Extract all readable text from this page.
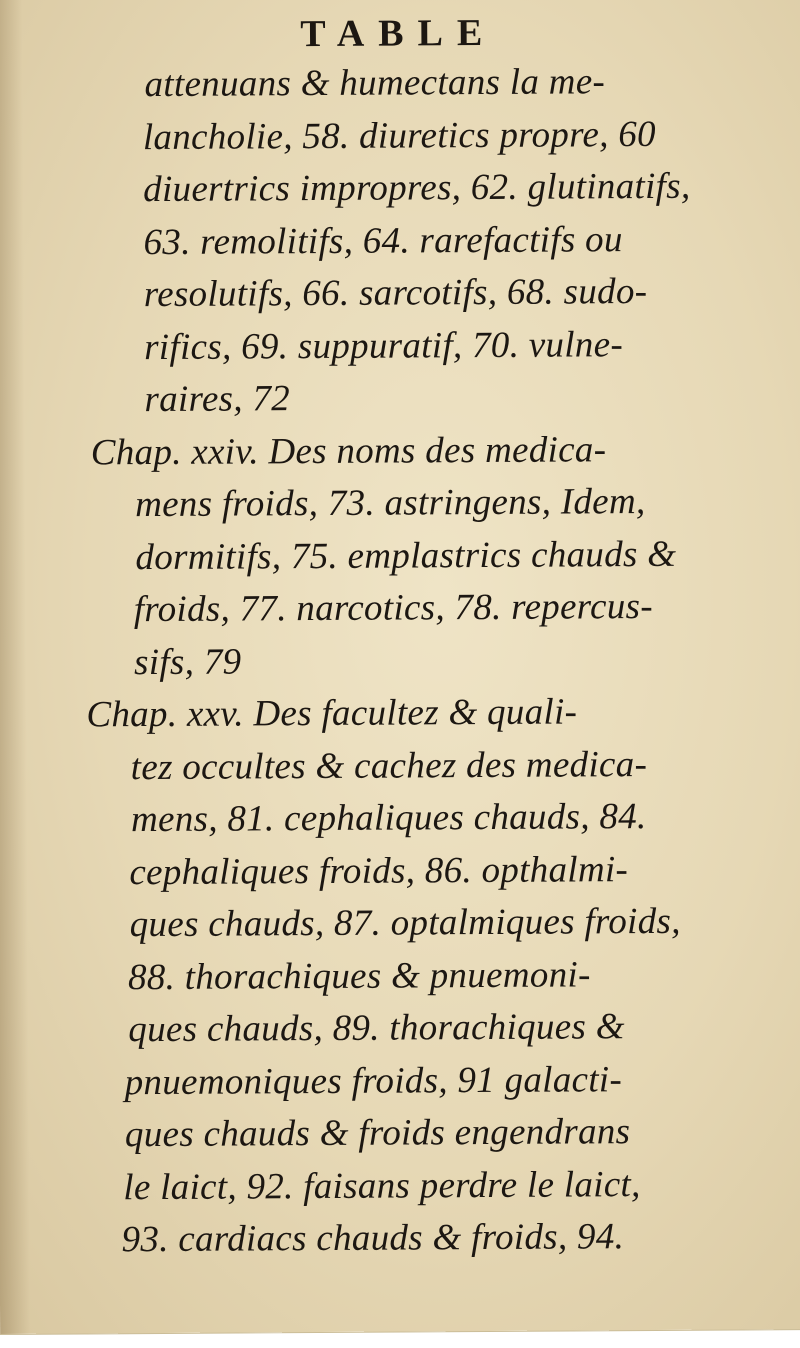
TABLE
attenuans & humectans la me-
lancholie, 58. diuretics propre, 60
diuertrics impropres, 62. glutinatifs,
63. remolitifs, 64. rarefactifs ou
resolutifs, 66. sarcotifs, 68. sudo-
rifics, 69. suppuratif, 70. vulne-
raires, 72
Chap. xxiv. Des noms des medica-
mens froids, 73. astringens, Idem,
dormitifs, 75. emplastrics chauds &
froids, 77. narcotics, 78. repercus-
sifs, 79
Chap. xxv. Des facultez & quali-
tez occultes & cachez des medica-
mens, 81. cephaliques chauds, 84.
cephaliques froids, 86. opthalmi-
ques chauds, 87. optalmiques froids,
88. thorachiques & pnuemoni-
ques chauds, 89. thorachiques &
pnuemoniques froids, 91 galacti-
ques chauds & froids engendrans
le laict, 92. faisans perdre le laict,
93. cardiacs chauds & froids, 94.
